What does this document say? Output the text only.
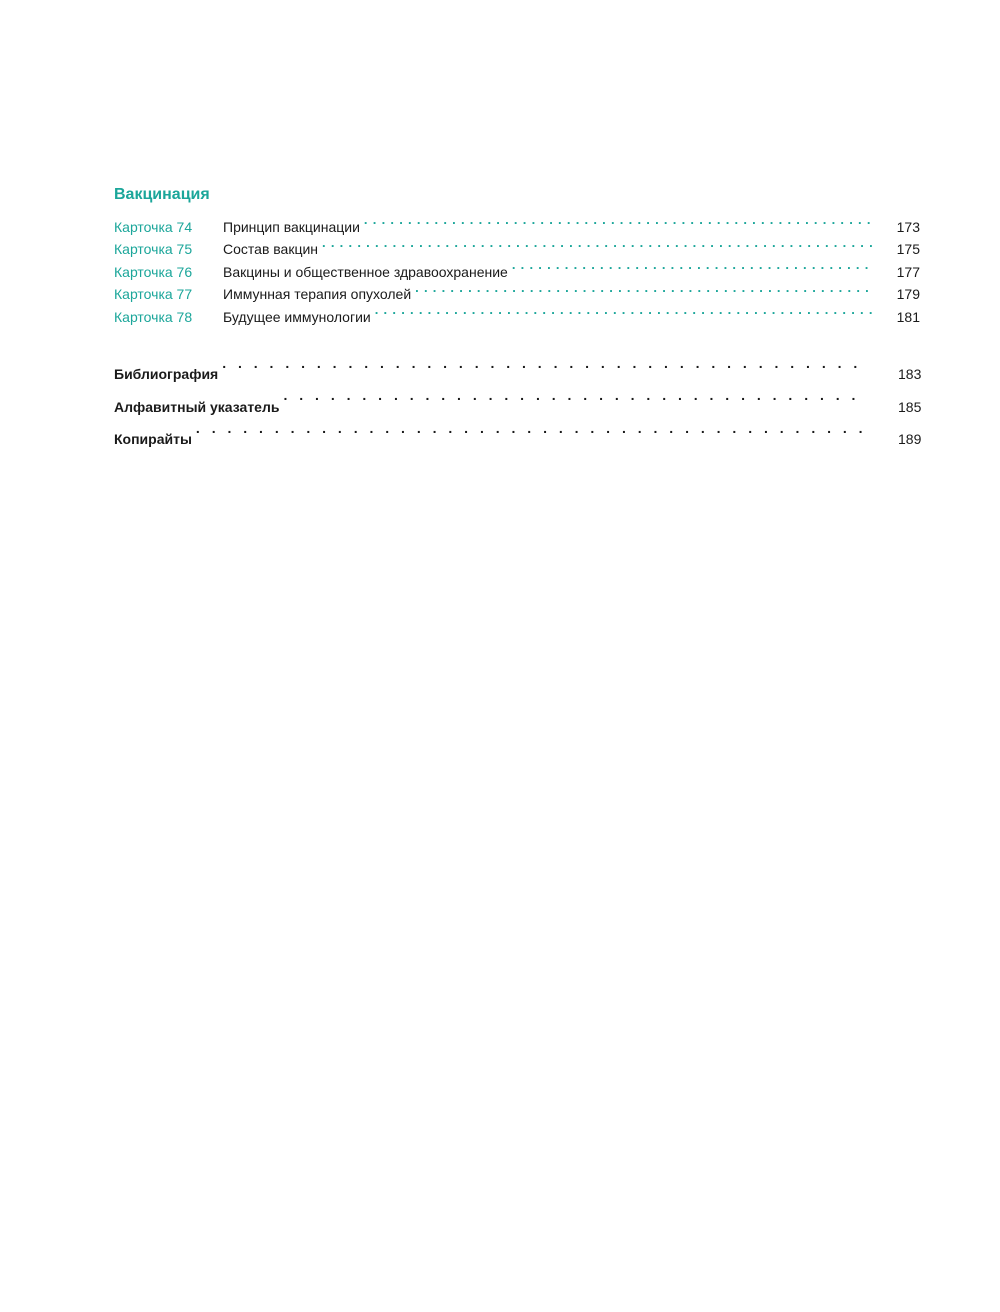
Вакцинация
Карточка 74	Принцип вакцинации . . .	173
Карточка 75	Состав вакцин . . .	175
Карточка 76	Вакцины и общественное здравоохранение . . .	177
Карточка 77	Иммунная терапия опухолей . . .	179
Карточка 78	Будущее иммунологии . . .	181
Библиография . . .	183
Алфавитный указатель . . .	185
Копирайты . . .	189
